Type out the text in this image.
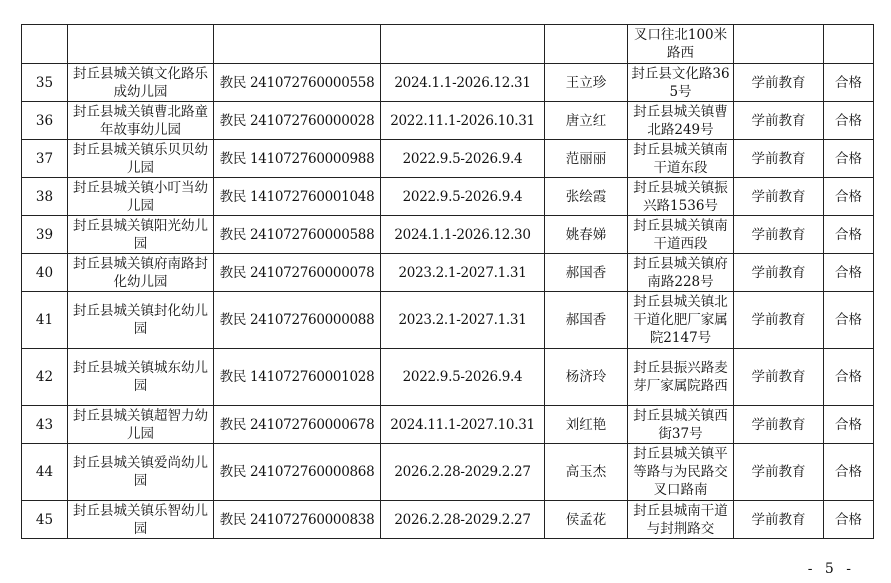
					叉口往北100米路西		
35	封丘县城关镇文化路乐成幼儿园	教民 241072760000558	2024.1.1-2026.12.31	王立珍	封丘县文化路365号	学前教育	合格
36	封丘县城关镇曹北路童年故事幼儿园	教民 241072760000028	2022.11.1-2026.10.31	唐立红	封丘县城关镇曹北路249号	学前教育	合格
37	封丘县城关镇乐贝贝幼儿园	教民 141072760000988	2022.9.5-2026.9.4	范丽丽	封丘县城关镇南干道东段	学前教育	合格
38	封丘县城关镇小叮当幼儿园	教民 141072760001048	2022.9.5-2026.9.4	张绘霞	封丘县城关镇振兴路1536号	学前教育	合格
39	封丘县城关镇阳光幼儿园	教民 241072760000588	2024.1.1-2026.12.30	姚春娣	封丘县城关镇南干道西段	学前教育	合格
40	封丘县城关镇府南路封化幼儿园	教民 241072760000078	2023.2.1-2027.1.31	郝国香	封丘县城关镇府南路228号	学前教育	合格
41	封丘县城关镇封化幼儿园	教民 241072760000088	2023.2.1-2027.1.31	郝国香	封丘县城关镇北干道化肥厂家属院2147号	学前教育	合格
42	封丘县城关镇城东幼儿园	教民 141072760001028	2022.9.5-2026.9.4	杨济玲	封丘县振兴路麦芽厂家属院路西	学前教育	合格
43	封丘县城关镇超智力幼儿园	教民 241072760000678	2024.11.1-2027.10.31	刘红艳	封丘县城关镇西街37号	学前教育	合格
44	封丘县城关镇爱尚幼儿园	教民 241072760000868	2026.2.28-2029.2.27	高玉杰	封丘县城关镇平等路与为民路交叉口路南	学前教育	合格
45	封丘县城关镇乐智幼儿园	教民 241072760000838	2026.2.28-2029.2.27	侯孟花	封丘县城南干道与封荆路交	学前教育	合格
- 5 -
